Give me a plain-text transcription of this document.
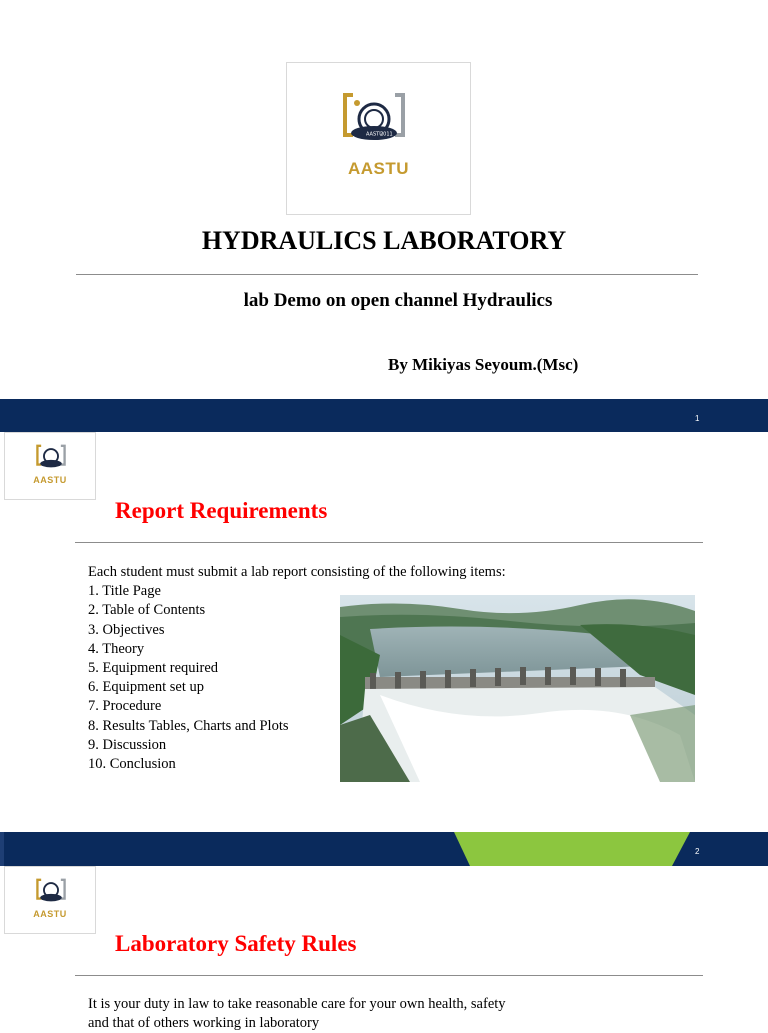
AASTU
2011
AASTU
HYDRAULICS LABORATORY
lab Demo on open channel Hydraulics
By Mikiyas Seyoum.(Msc)
1
AASTU
Report Requirements
Each student must submit a lab report consisting of the following items:
1. Title Page
2. Table of Contents
3. Objectives
4. Theory
5. Equipment required
6. Equipment set up
7. Procedure
8. Results Tables, Charts and Plots
9. Discussion
10. Conclusion
2
AASTU
Laboratory Safety Rules
It is your duty in law to take reasonable care for your own health, safety
and that of others working in laboratory
